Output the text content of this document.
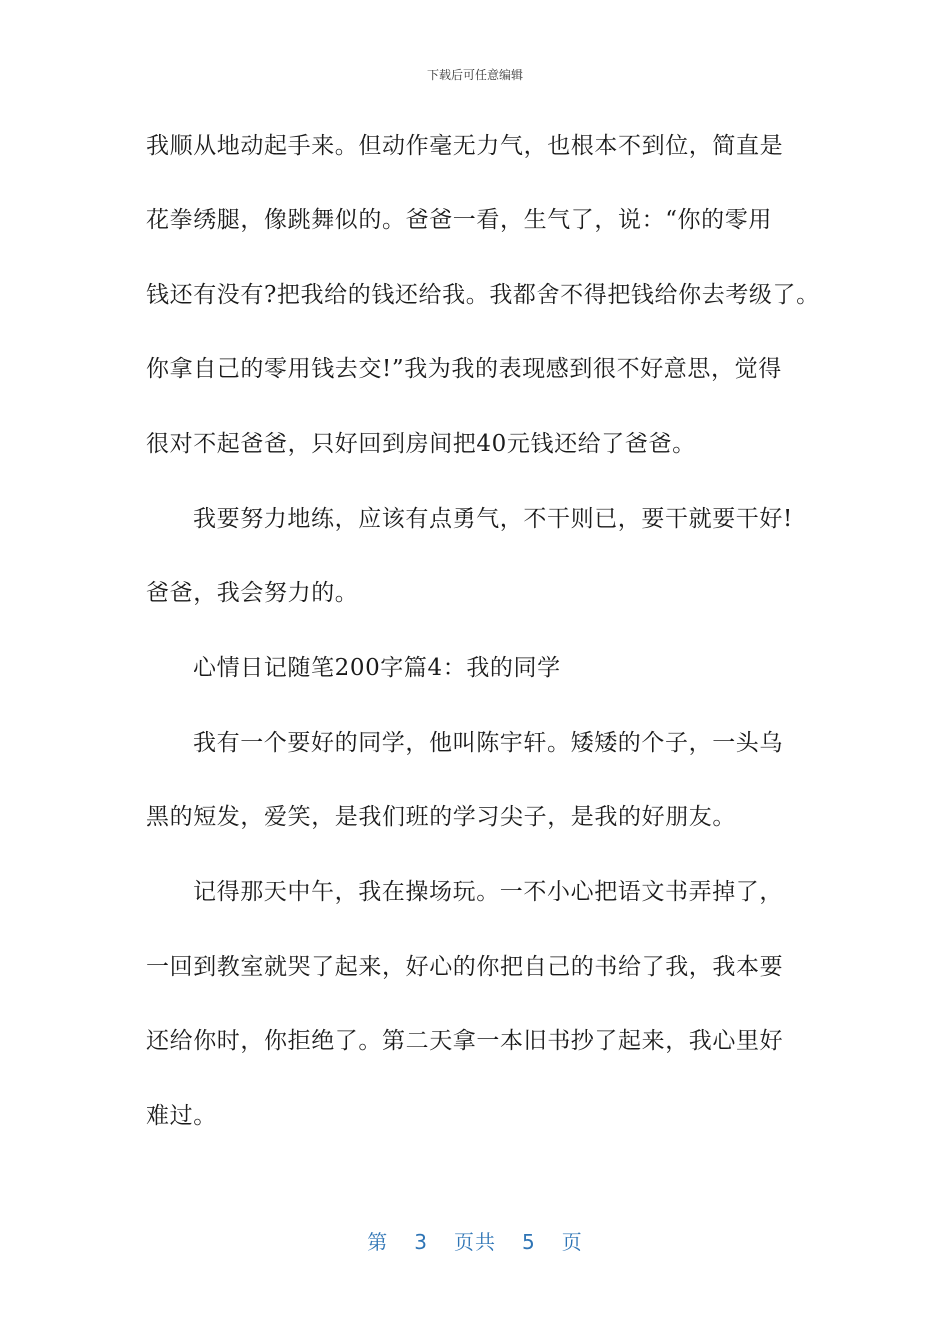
下载后可任意编辑
我顺从地动起手来。但动作毫无力气，也根本不到位，简直是
花拳绣腿，像跳舞似的。爸爸一看，生气了，说：“你的零用
钱还有没有?把我给的钱还给我。我都舍不得把钱给你去考级了。
你拿自己的零用钱去交!”我为我的表现感到很不好意思，觉得
很对不起爸爸，只好回到房间把40元钱还给了爸爸。
我要努力地练，应该有点勇气，不干则已，要干就要干好!
爸爸，我会努力的。
心情日记随笔200字篇4：我的同学
我有一个要好的同学，他叫陈宇轩。矮矮的个子，一头乌
黑的短发，爱笑，是我们班的学习尖子，是我的好朋友。
记得那天中午，我在操场玩。一不小心把语文书弄掉了，
一回到教室就哭了起来，好心的你把自己的书给了我，我本要
还给你时，你拒绝了。第二天拿一本旧书抄了起来，我心里好
难过。
第 3 页共 5 页
